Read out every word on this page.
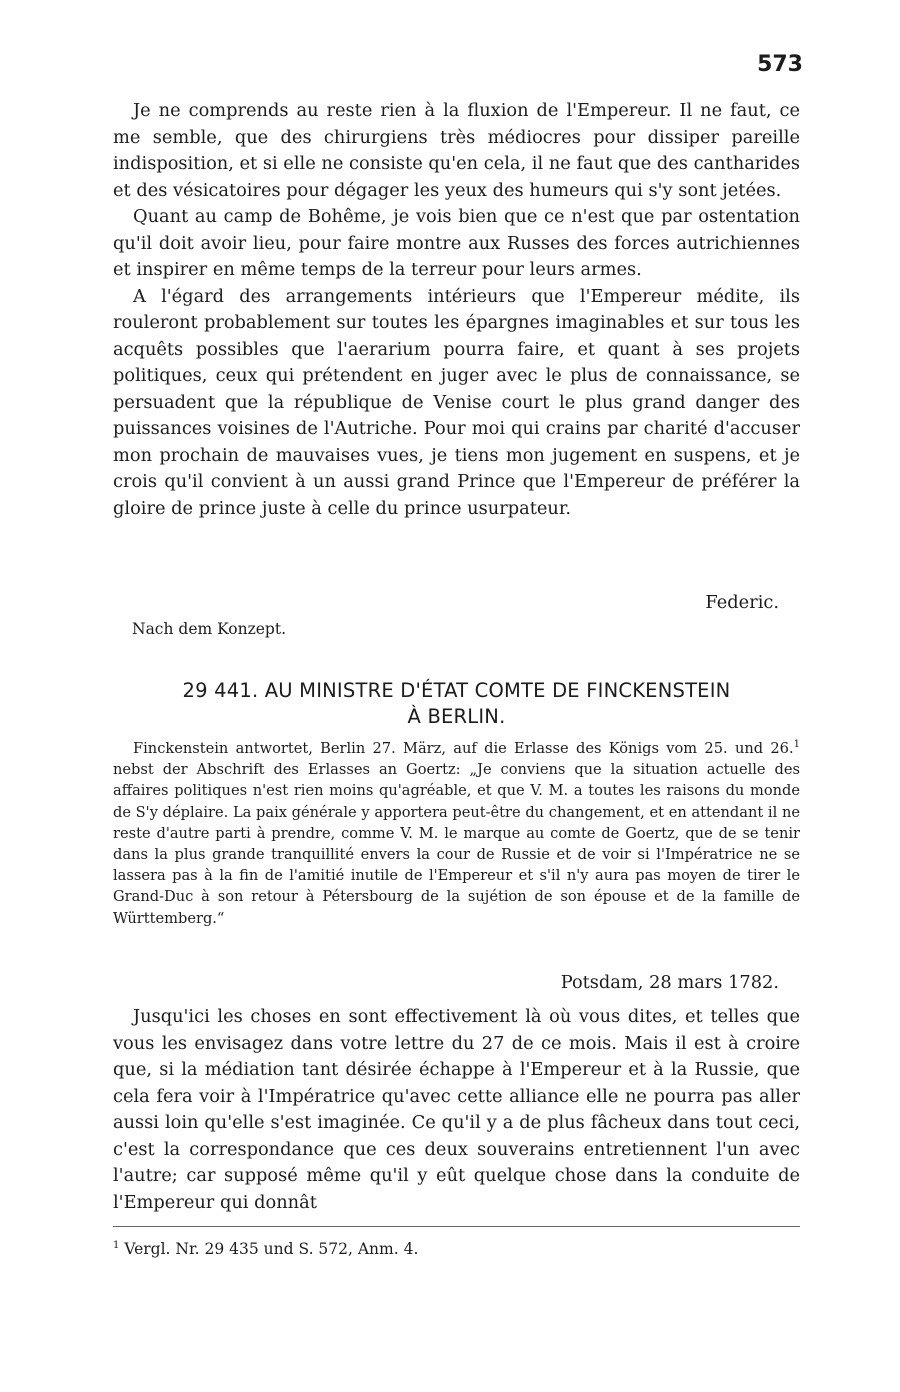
573

Je ne comprends au reste rien à la fluxion de l'Empereur. Il ne faut, ce me semble, que des chirurgiens très médiocres pour dissiper pareille indisposition, et si elle ne consiste qu'en cela, il ne faut que des cantharides et des vésicatoires pour dégager les yeux des humeurs qui s'y sont jetées.

Quant au camp de Bohême, je vois bien que ce n'est que par ostentation qu'il doit avoir lieu, pour faire montre aux Russes des forces autrichiennes et inspirer en même temps de la terreur pour leurs armes.

A l'égard des arrangements intérieurs que l'Empereur médite, ils rouleront probablement sur toutes les épargnes imaginables et sur tous les acquêts possibles que l'aerarium pourra faire, et quant à ses projets politiques, ceux qui prétendent en juger avec le plus de connaissance, se persuadent que la république de Venise court le plus grand danger des puissances voisines de l'Autriche. Pour moi qui crains par charité d'accuser mon prochain de mauvaises vues, je tiens mon jugement en suspens, et je crois qu'il convient à un aussi grand Prince que l'Empereur de préférer la gloire de prince juste à celle du prince usurpateur.

Federic.
Nach dem Konzept.
29 441. AU MINISTRE D'ÉTAT COMTE DE FINCKENSTEIN
À BERLIN.

Finckenstein antwortet, Berlin 27. März, auf die Erlasse des Königs vom 25. und 26.$^1$ nebst der Abschrift des Erlasses an Goertz: „Je conviens que la situation actuelle des affaires politiques n'est rien moins qu'agréable, et que V. M. a toutes les raisons du monde de S'y déplaire. La paix générale y apportera peut-être du changement, et en attendant il ne reste d'autre parti à prendre, comme V. M. le marque au comte de Goertz, que de se tenir dans la plus grande tranquillité envers la cour de Russie et de voir si l'Impératrice ne se lassera pas à la fin de l'amitié inutile de l'Empereur et s'il n'y aura pas moyen de tirer le Grand-Duc à son retour à Pétersbourg de la sujétion de son épouse et de la famille de Württemberg.“

Potsdam, 28 mars 1782.

Jusqu'ici les choses en sont effectivement là où vous dites, et telles que vous les envisagez dans votre lettre du 27 de ce mois. Mais il est à croire que, si la médiation tant désirée échappe à l'Empereur et à la Russie, que cela fera voir à l'Impératrice qu'avec cette alliance elle ne pourra pas aller aussi loin qu'elle s'est imaginée. Ce qu'il y a de plus fâcheux dans tout ceci, c'est la correspondance que ces deux souverains entretiennent l'un avec l'autre; car supposé même qu'il y eût quelque chose dans la conduite de l'Empereur qui donnât

$^1$ Vergl. Nr. 29 435 und S. 572, Anm. 4.
